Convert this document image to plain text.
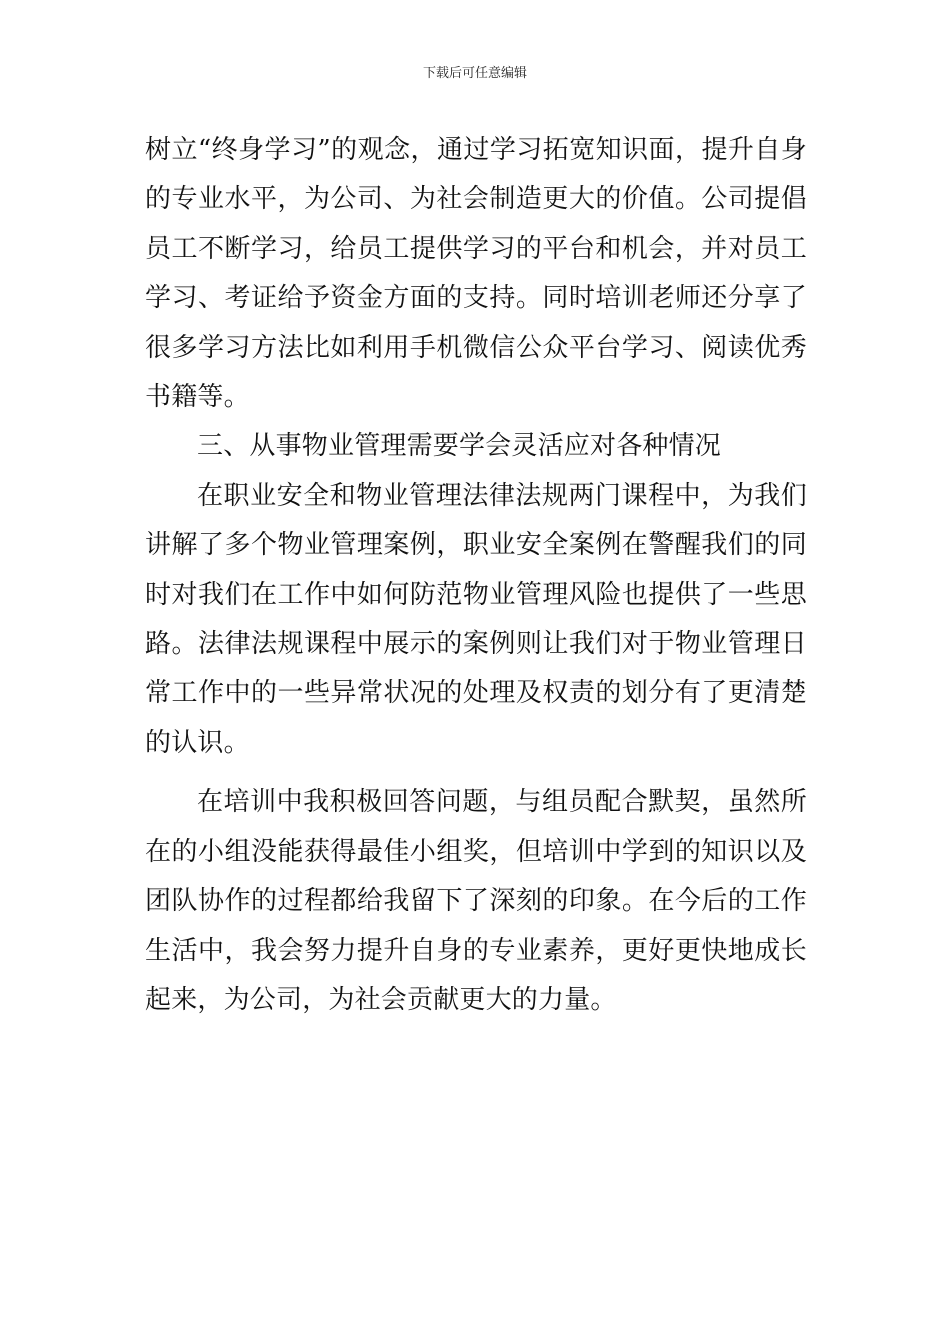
下载后可任意编辑

树立“终身学习”的观念，通过学习拓宽知识面，提升自身的专业水平，为公司、为社会制造更大的价值。公司提倡员工不断学习，给员工提供学习的平台和机会，并对员工学习、考证给予资金方面的支持。同时培训老师还分享了很多学习方法比如利用手机微信公众平台学习、阅读优秀书籍等。

三、从事物业管理需要学会灵活应对各种情况

在职业安全和物业管理法律法规两门课程中，为我们讲解了多个物业管理案例，职业安全案例在警醒我们的同时对我们在工作中如何防范物业管理风险也提供了一些思路。法律法规课程中展示的案例则让我们对于物业管理日常工作中的一些异常状况的处理及权责的划分有了更清楚的认识。

在培训中我积极回答问题，与组员配合默契，虽然所在的小组没能获得最佳小组奖，但培训中学到的知识以及团队协作的过程都给我留下了深刻的印象。在今后的工作生活中，我会努力提升自身的专业素养，更好更快地成长起来，为公司，为社会贡献更大的力量。
